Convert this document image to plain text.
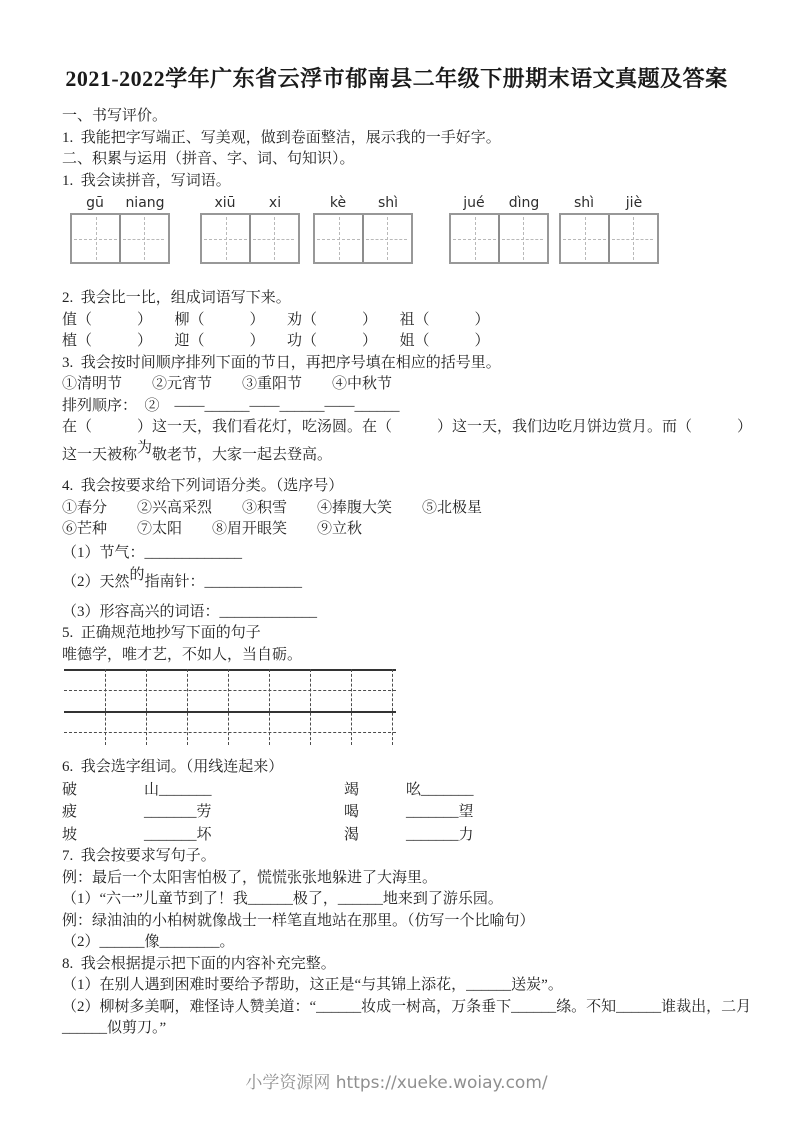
2021-2022学年广东省云浮市郁南县二年级下册期末语文真题及答案
一、书写评价。
1.  我能把字写端正、写美观，做到卷面整洁，展示我的一手好字。
二、积累与运用（拼音、字、词、句知识）。
1.  我会读拼音，写词语。
gū	niang	xiū	xi	kè	shì	jué	dìng	shì	jiè
2.  我会比一比，组成词语写下来。
值（　　　）　　柳（　　　）　　劝（　　　）　　祖（　　　）
植（　　　）　　迎（　　　）　　功（　　　）　　姐（　　　）
3.  我会按时间顺序排列下面的节日，再把序号填在相应的括号里。
①清明节　　②元宵节　　③重阳节　　④中秋节
排列顺序：　②　——______——______——______
在（　　　）这一天，我们看花灯，吃汤圆。在（　　　）这一天，我们边吃月饼边赏月。而（　　　）
这一天被称为敬老节，大家一起去登高。
4.  我会按要求给下列词语分类。（选序号）
①春分　　②兴高采烈　　③积雪　　④捧腹大笑　　⑤北极星
⑥芒种　　⑦太阳　　⑧眉开眼笑　　⑨立秋
（1）节气：_____________
（2）天然的指南针：_____________
（3）形容高兴的词语：_____________
5.  正确规范地抄写下面的句子
唯德学，唯才艺，不如人，当自砺。
6.  我会选字组词。（用线连起来）
破	山_______	竭	吆_______
疲	_______劳	喝	_______望
坡	_______坏	渴	_______力
7.  我会按要求写句子。
例：最后一个太阳害怕极了，慌慌张张地躲进了大海里。
（1）“六一”儿童节到了！我______极了，______地来到了游乐园。
例：绿油油的小柏树就像战士一样笔直地站在那里。（仿写一个比喻句）
（2）______像________。
8.  我会根据提示把下面的内容补充完整。
（1）在别人遇到困难时要给予帮助，这正是“与其锦上添花，______送炭”。
（2）柳树多美啊，难怪诗人赞美道：“______妆成一树高，万条垂下______绦。不知______谁裁出，二月
______似剪刀。”
小学资源网 https://xueke.woiay.com/
